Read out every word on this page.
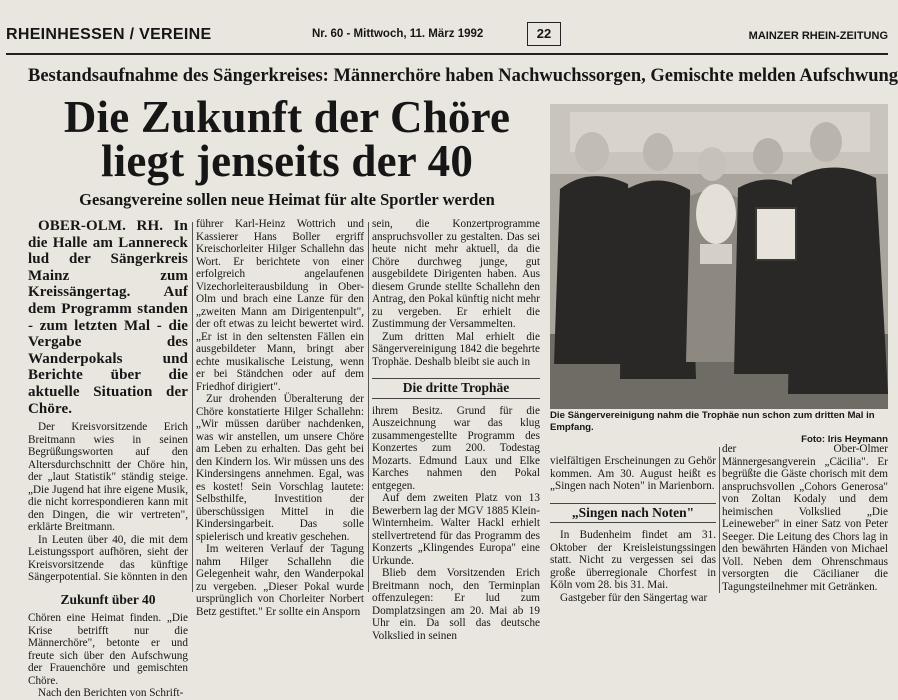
RHEINHESSEN / VEREINE	Nr. 60 - Mittwoch, 11. März 1992	22	MAINZER RHEIN-ZEITUNG
Bestandsaufnahme des Sängerkreises: Männerchöre haben Nachwuchssorgen, Gemischte melden Aufschwung
Die Zukunft der Chöre
liegt jenseits der 40
Gesangvereine sollen neue Heimat für alte Sportler werden

OBER-OLM. RH. In die Halle am Lannereck lud der Sängerkreis Mainz zum Kreissängertag. Auf dem Programm standen - zum letzten Mal - die Vergabe des Wanderpokals und Berichte über die aktuelle Situation der Chöre.

Der Kreisvorsitzende Erich Breitmann wies in seinen Begrüßungsworten auf den Altersdurchschnitt der Chöre hin, der „laut Statistik" ständig steige. „Die Jugend hat ihre eigene Musik, die nicht korrespondieren kann mit den Dingen, die wir vertreten", erklärte Breitmann.

In Leuten über 40, die mit dem Leistungssport aufhören, sieht der Kreisvorsitzende das künftige Sängerpotential. Sie könnten in den

Zukunft über 40

Chören eine Heimat finden. „Die Krise betrifft nur die Männerchöre", betonte er und freute sich über den Aufschwung der Frauenchöre und gemischten Chöre.

Nach den Berichten von Schrift-

führer Karl-Heinz Wottrich und Kassierer Hans Boller ergriff Kreischorleiter Hilger Schallehn das Wort. Er berichtete von einer erfolgreich angelaufenen Vizechorleiterausbildung in Ober-Olm und brach eine Lanze für den „zweiten Mann am Dirigentenpult", der oft etwas zu leicht bewertet wird. „Er ist in den seltensten Fällen ein ausgebildeter Mann, bringt aber echte musikalische Leistung, wenn er bei Ständchen oder auf dem Friedhof dirigiert".

Zur drohenden Überalterung der Chöre konstatierte Hilger Schallehn: „Wir müssen darüber nachdenken, was wir anstellen, um unsere Chöre am Leben zu erhalten. Das geht bei den Kindern los. Wir müssen uns des Kindersingens annehmen. Egal, was es kostet! Sein Vorschlag lautete: Selbsthilfe, Investition der überschüssigen Mittel in die Kindersingarbeit. Das solle spielerisch und kreativ geschehen.

Im weiteren Verlauf der Tagung nahm Hilger Schallehn die Gelegenheit wahr, den Wanderpokal zu vergeben. „Dieser Pokal wurde ursprünglich von Chorleiter Norbert Betz gestiftet." Er sollte ein Ansporn

sein, die Konzertprogramme anspruchsvoller zu gestalten. Das sei heute nicht mehr aktuell, da die Chöre durchweg junge, gut ausgebildete Dirigenten haben. Aus diesem Grunde stellte Schallehn den Antrag, den Pokal künftig nicht mehr zu vergeben. Er erhielt die Zustimmung der Versammelten.

Zum dritten Mal erhielt die Sängervereinigung 1842 die begehrte Trophäe. Deshalb bleibt sie auch in

Die dritte Trophäe

ihrem Besitz. Grund für die Auszeichnung war das klug zusammengestellte Programm des Konzertes zum 200. Todestag Mozarts. Edmund Laux und Elke Karches nahmen den Pokal entgegen.

Auf dem zweiten Platz von 13 Bewerbern lag der MGV 1885 Klein-Winternheim. Walter Hackl erhielt stellvertretend für das Programm des Konzerts „Klingendes Europa" eine Urkunde.

Blieb dem Vorsitzenden Erich Breitmann noch, den Terminplan offenzulegen: Er lud zum Domplatzsingen am 20. Mai ab 19 Uhr ein. Da soll das deutsche Volkslied in seinen

Die Sängervereinigung nahm die Trophäe nun schon zum dritten Mal in Empfang.
Foto: Iris Heymann

vielfältigen Erscheinungen zu Gehör kommen. Am 30. August heißt es „Singen nach Noten" in Marienborn.

„Singen nach Noten"

In Budenheim findet am 31. Oktober der Kreisleistungssingen statt. Nicht zu vergessen sei das große überregionale Chorfest in Köln vom 28. bis 31. Mai.

Gastgeber für den Sängertag war

der Ober-Olmer Männergesangverein „Cäcilia". Er begrüßte die Gäste chorisch mit dem anspruchsvollen „Cohors Generosa" von Zoltan Kodaly und dem heimischen Volkslied „Die Leineweber" in einer Satz von Peter Seeger. Die Leitung des Chors lag in den bewährten Händen von Michael Voll. Neben dem Ohrenschmaus versorgten die Cäcilianer die Tagungsteilnehmer mit Getränken.
